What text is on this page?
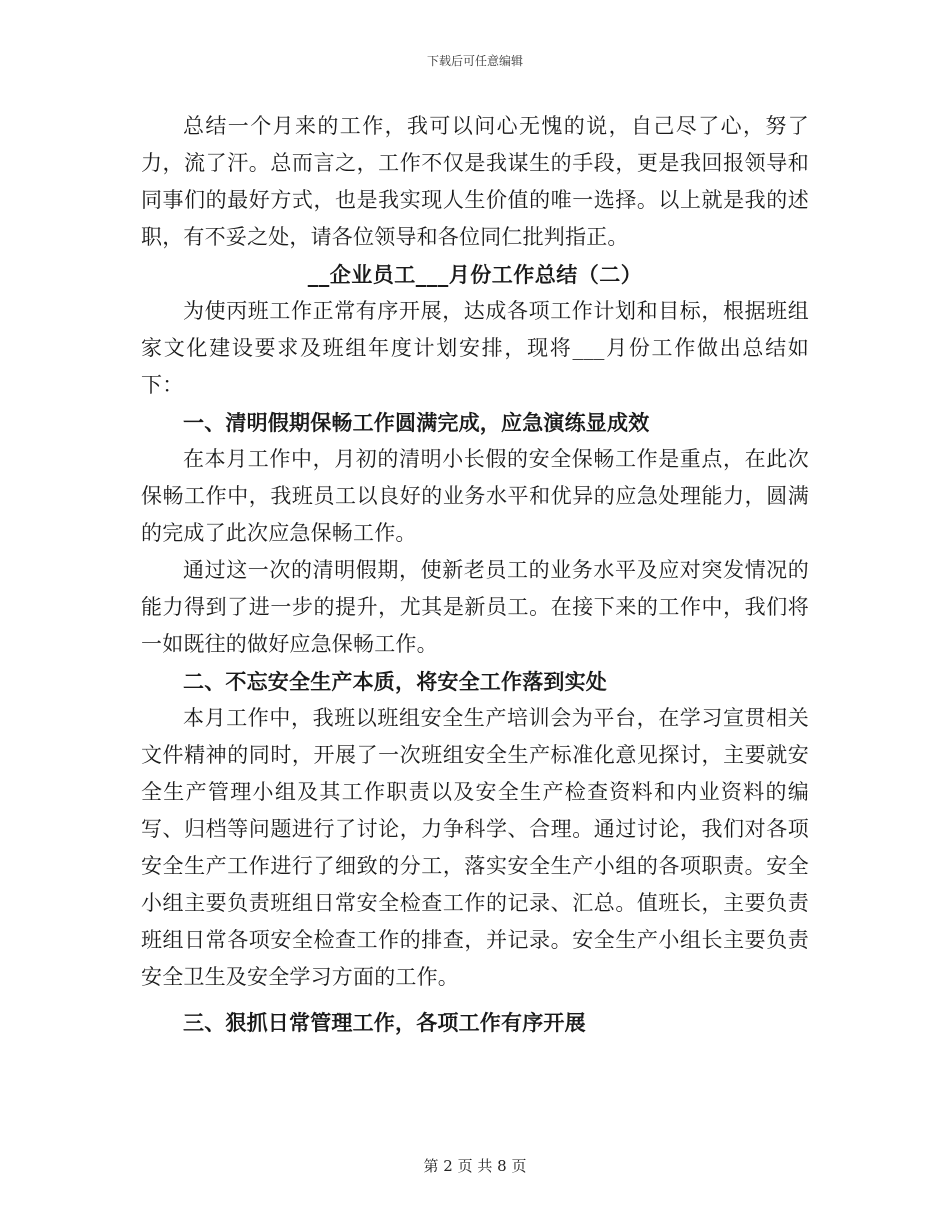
下载后可任意编辑

总结一个月来的工作，我可以问心无愧的说，自己尽了心，努了力，流了汗。总而言之，工作不仅是我谋生的手段，更是我回报领导和同事们的最好方式，也是我实现人生价值的唯一选择。以上就是我的述职，有不妥之处，请各位领导和各位同仁批判指正。

__企业员工___月份工作总结（二）

为使丙班工作正常有序开展，达成各项工作计划和目标，根据班组家文化建设要求及班组年度计划安排，现将___月份工作做出总结如下：

一、清明假期保畅工作圆满完成，应急演练显成效

在本月工作中，月初的清明小长假的安全保畅工作是重点，在此次保畅工作中，我班员工以良好的业务水平和优异的应急处理能力，圆满的完成了此次应急保畅工作。

通过这一次的清明假期，使新老员工的业务水平及应对突发情况的能力得到了进一步的提升，尤其是新员工。在接下来的工作中，我们将一如既往的做好应急保畅工作。

二、不忘安全生产本质，将安全工作落到实处

本月工作中，我班以班组安全生产培训会为平台，在学习宣贯相关文件精神的同时，开展了一次班组安全生产标准化意见探讨，主要就安全生产管理小组及其工作职责以及安全生产检查资料和内业资料的编写、归档等问题进行了讨论，力争科学、合理。通过讨论，我们对各项安全生产工作进行了细致的分工，落实安全生产小组的各项职责。安全小组主要负责班组日常安全检查工作的记录、汇总。值班长，主要负责班组日常各项安全检查工作的排查，并记录。安全生产小组长主要负责安全卫生及安全学习方面的工作。

三、狠抓日常管理工作，各项工作有序开展

第 2 页 共 8 页
